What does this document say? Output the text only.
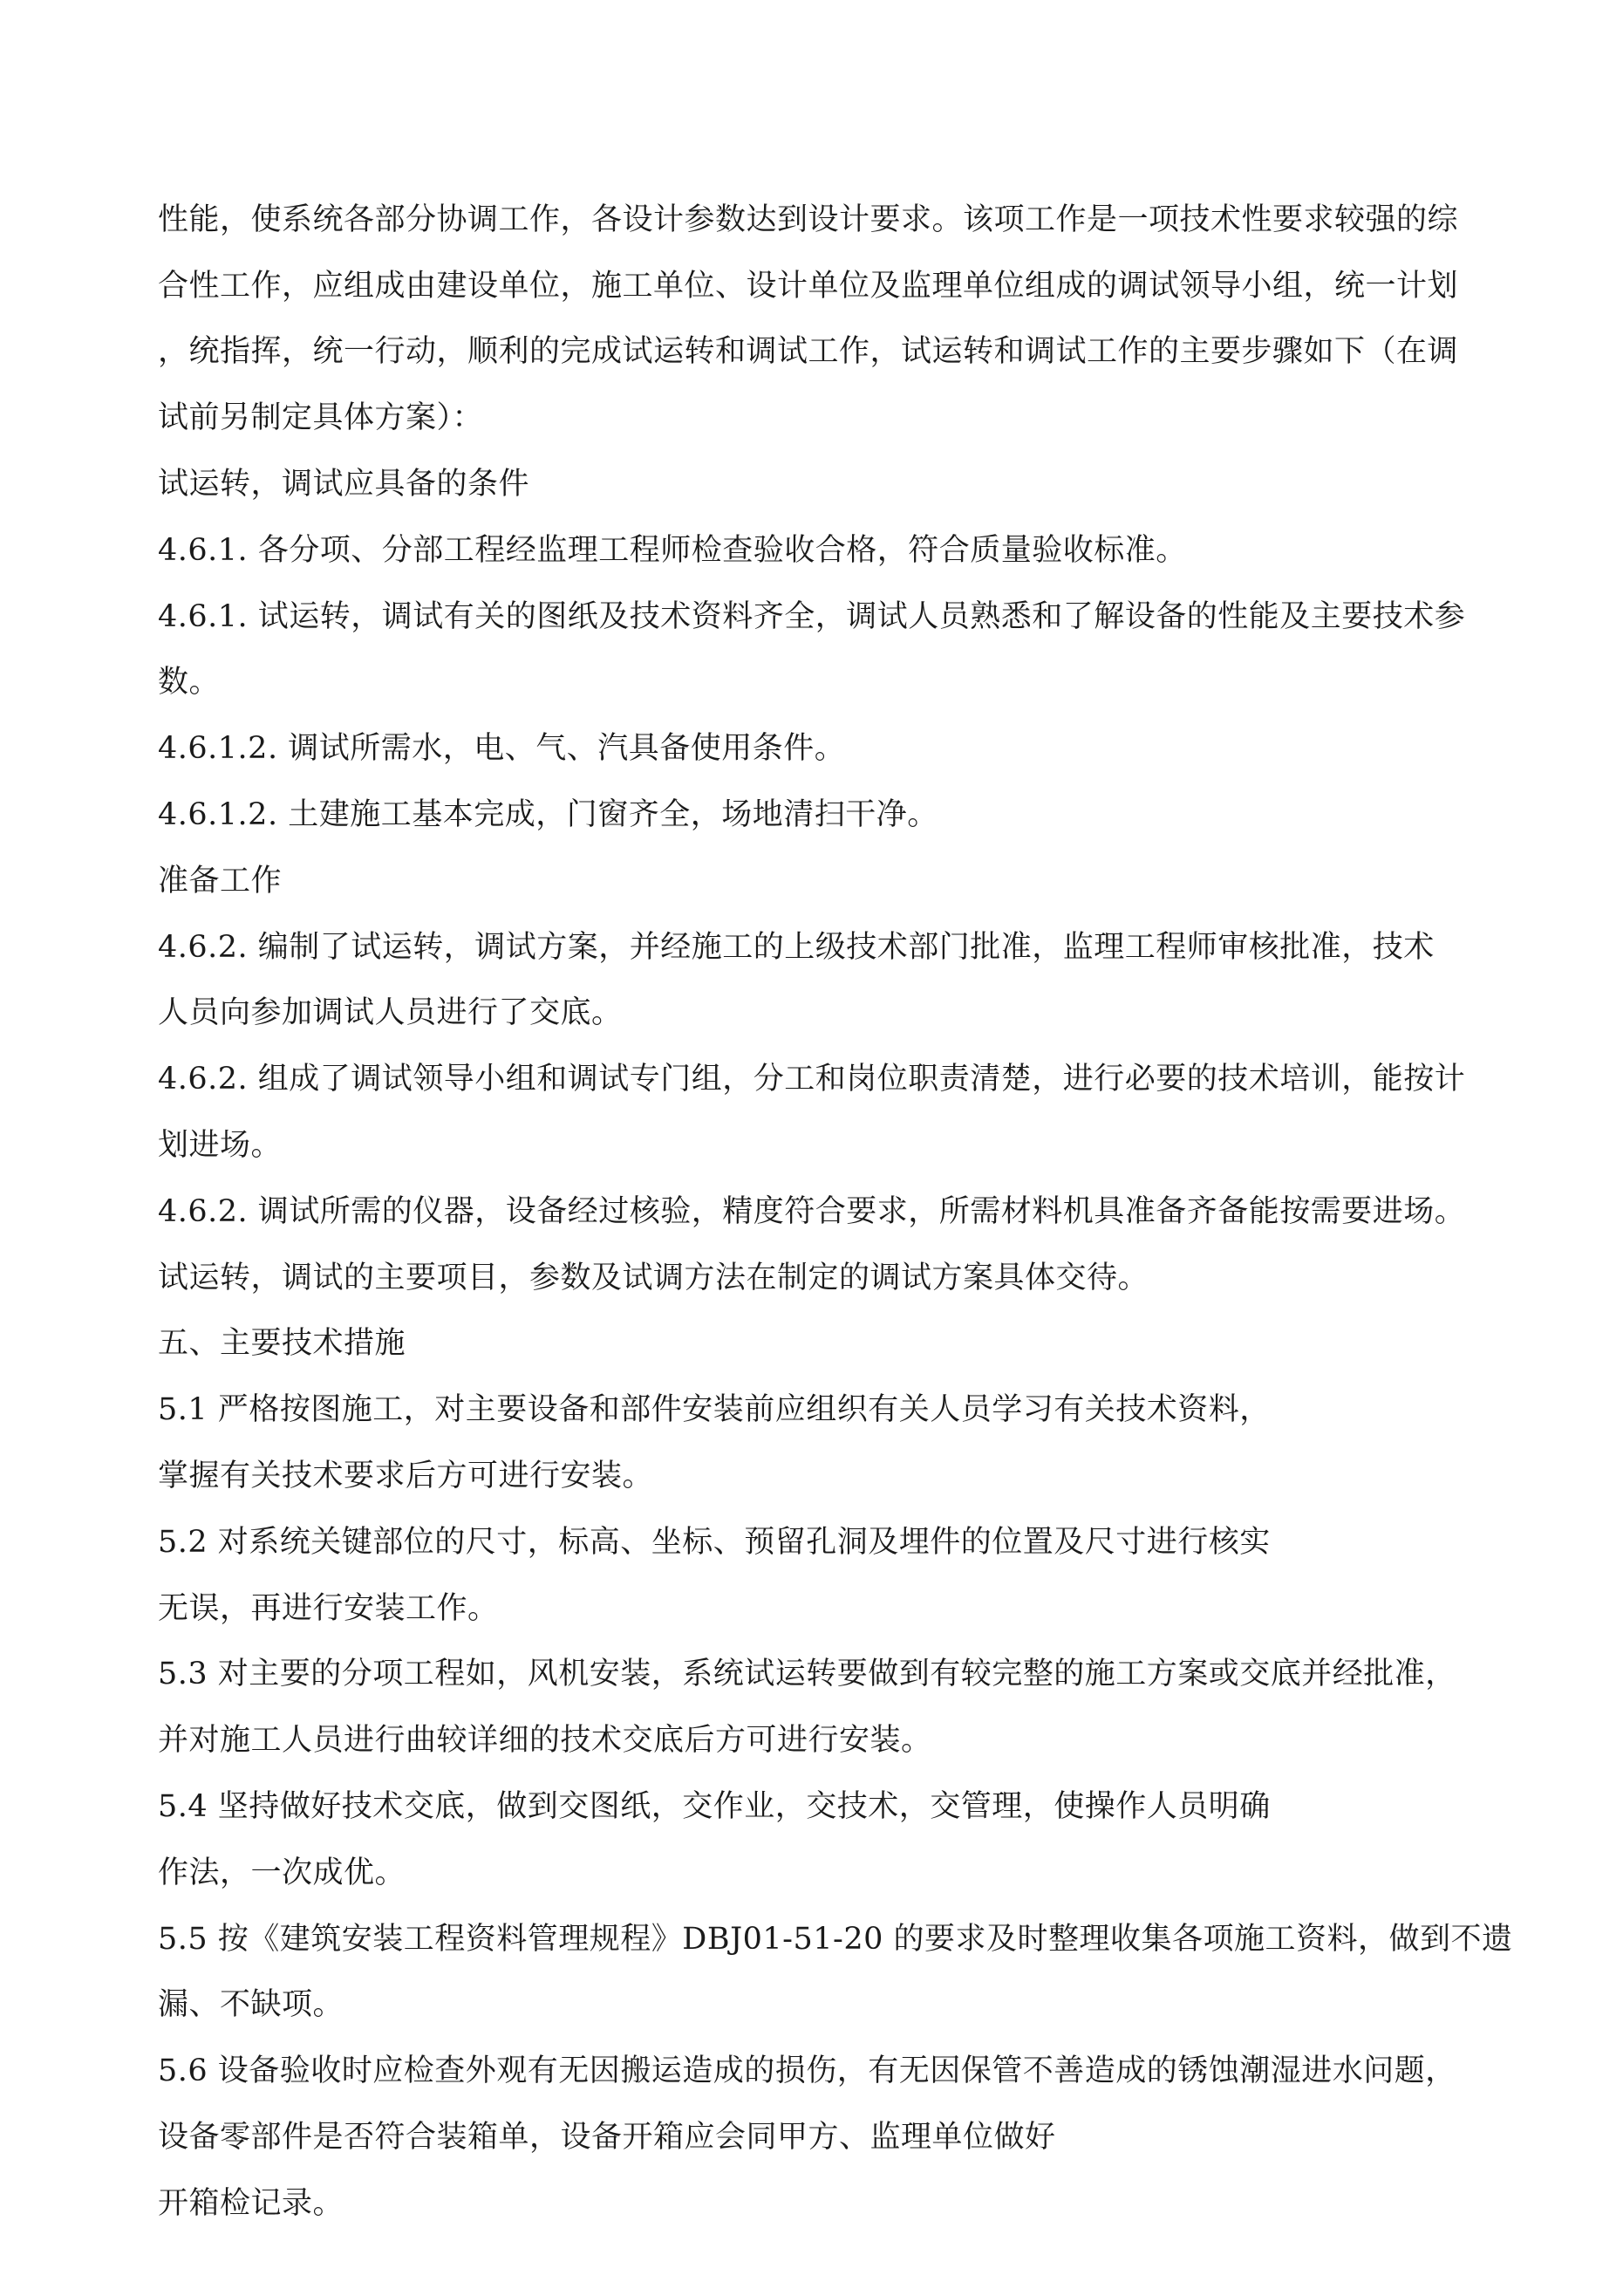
性能，使系统各部分协调工作，各设计参数达到设计要求。该项工作是一项技术性要求较强的综
合性工作，应组成由建设单位，施工单位、设计单位及监理单位组成的调试领导小组，统一计划
，统指挥，统一行动，顺利的完成试运转和调试工作，试运转和调试工作的主要步骤如下（在调
试前另制定具体方案）：
试运转，调试应具备的条件
4.6.1. 各分项、分部工程经监理工程师检查验收合格，符合质量验收标准。
4.6.1. 试运转，调试有关的图纸及技术资料齐全，调试人员熟悉和了解设备的性能及主要技术参
数。
4.6.1.2. 调试所需水，电、气、汽具备使用条件。
4.6.1.2. 土建施工基本完成，门窗齐全，场地清扫干净。
准备工作
4.6.2. 编制了试运转，调试方案，并经施工的上级技术部门批准，监理工程师审核批准，技术
人员向参加调试人员进行了交底。
4.6.2. 组成了调试领导小组和调试专门组，分工和岗位职责清楚，进行必要的技术培训，能按计
划进场。
4.6.2. 调试所需的仪器，设备经过核验，精度符合要求，所需材料机具准备齐备能按需要进场。
试运转，调试的主要项目，参数及试调方法在制定的调试方案具体交待。
五、主要技术措施
5.1 严格按图施工，对主要设备和部件安装前应组织有关人员学习有关技术资料，
掌握有关技术要求后方可进行安装。
5.2 对系统关键部位的尺寸，标高、坐标、预留孔洞及埋件的位置及尺寸进行核实
无误，再进行安装工作。
5.3 对主要的分项工程如，风机安装，系统试运转要做到有较完整的施工方案或交底并经批准，
并对施工人员进行曲较详细的技术交底后方可进行安装。
5.4 坚持做好技术交底，做到交图纸，交作业，交技术，交管理，使操作人员明确
作法，一次成优。
5.5 按《建筑安装工程资料管理规程》DBJ01-51-20 的要求及时整理收集各项施工资料，做到不遗
漏、不缺项。
5.6 设备验收时应检查外观有无因搬运造成的损伤，有无因保管不善造成的锈蚀潮湿进水问题，
设备零部件是否符合装箱单，设备开箱应会同甲方、监理单位做好
开箱检记录。
